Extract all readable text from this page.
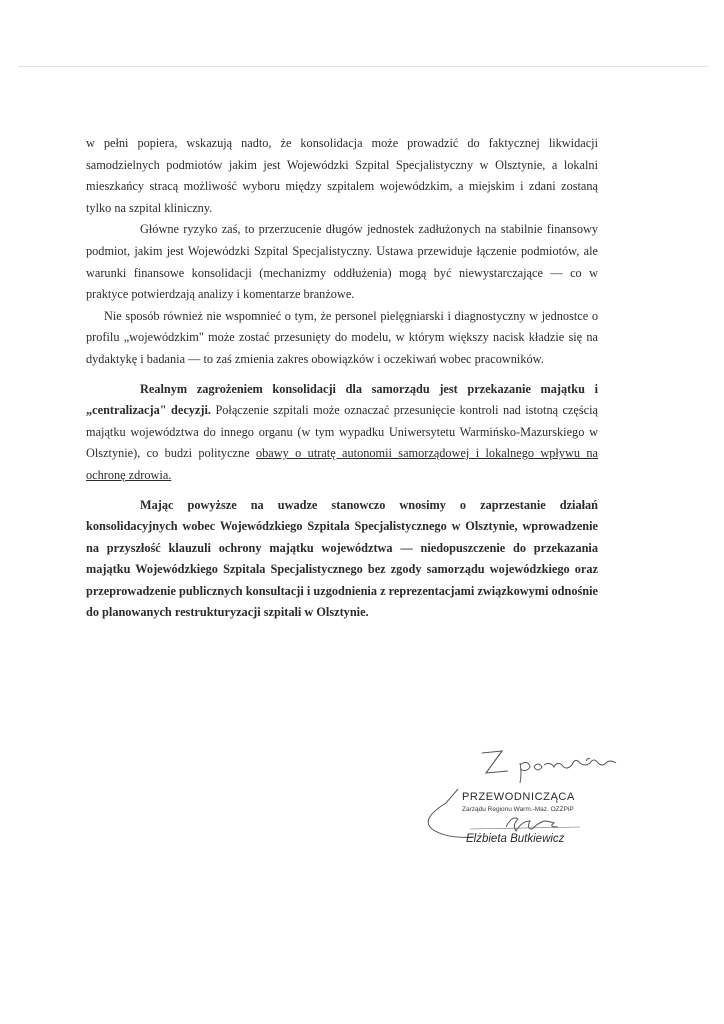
w pełni popiera, wskazują nadto, że konsolidacja może prowadzić do faktycznej likwidacji samodzielnych podmiotów jakim jest Wojewódzki Szpital Specjalistyczny w Olsztynie, a lokalni mieszkańcy stracą możliwość wyboru między szpitalem wojewódzkim, a miejskim i zdani zostaną tylko na szpital kliniczny.

Główne ryzyko zaś, to przerzucenie długów jednostek zadłużonych na stabilnie finansowy podmiot, jakim jest Wojewódzki Szpital Specjalistyczny. Ustawa przewiduje łączenie podmiotów, ale warunki finansowe konsolidacji (mechanizmy oddłużenia) mogą być niewystarczające — co w praktyce potwierdzają analizy i komentarze branżowe.

Nie sposób również nie wspomnieć o tym, że personel pielęgniarski i diagnostyczny w jednostce o profilu „wojewódzkim" może zostać przesunięty do modelu, w którym większy nacisk kładzie się na dydaktykę i badania — to zaś zmienia zakres obowiązków i oczekiwań wobec pracowników.

Realnym zagrożeniem konsolidacji dla samorządu jest przekazanie majątku i „centralizacja" decyzji. Połączenie szpitali może oznaczać przesunięcie kontroli nad istotną częścią majątku województwa do innego organu (w tym wypadku Uniwersytetu Warmińsko-Mazurskiego w Olsztynie), co budzi polityczne obawy o utratę autonomii samorządowej i lokalnego wpływu na ochronę zdrowia.

Mając powyższe na uwadze stanowczo wnosimy o zaprzestanie działań konsolidacyjnych wobec Wojewódzkiego Szpitala Specjalistycznego w Olsztynie, wprowadzenie na przyszłość klauzuli ochrony majątku województwa — niedopuszczenie do przekazania majątku Wojewódzkiego Szpitala Specjalistycznego bez zgody samorządu wojewódzkiego oraz przeprowadzenie publicznych konsultacji i uzgodnienia z reprezentacjami związkowymi odnośnie do planowanych restrukturyzacji szpitali w Olsztynie.

PRZEWODNICZĄCA
Zarządu Regionu Warm.-Maz. OZZPiP
Elżbieta Butkiewicz
